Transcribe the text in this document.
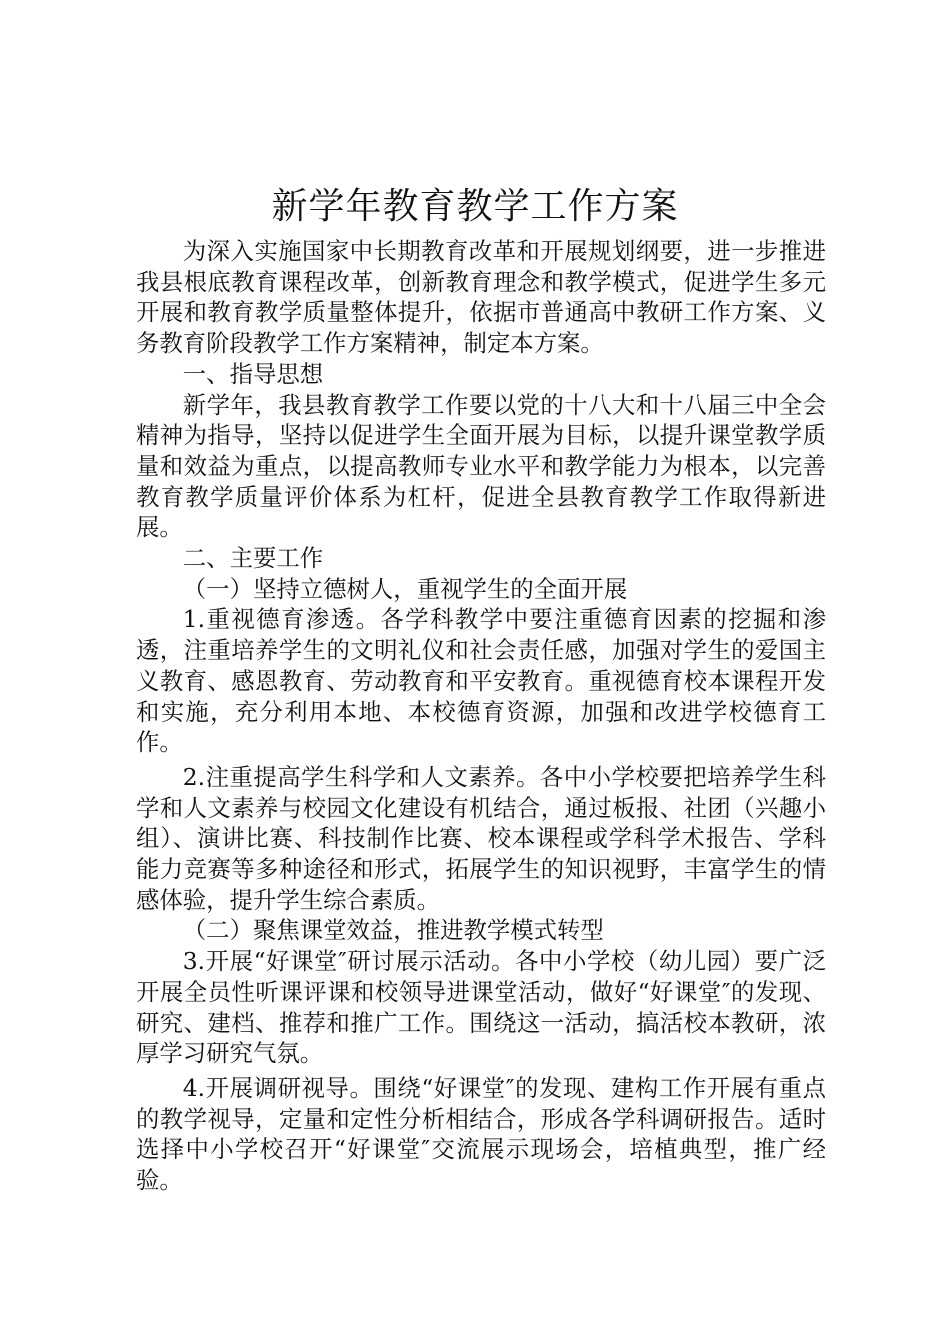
新学年教育教学工作方案

为深入实施国家中长期教育改革和开展规划纲要，进一步推进我县根底教育课程改革，创新教育理念和教学模式，促进学生多元开展和教育教学质量整体提升，依据市普通高中教研工作方案、义务教育阶段教学工作方案精神，制定本方案。

一、指导思想

新学年，我县教育教学工作要以党的十八大和十八届三中全会精神为指导，坚持以促进学生全面开展为目标，以提升课堂教学质量和效益为重点，以提高教师专业水平和教学能力为根本，以完善教育教学质量评价体系为杠杆，促进全县教育教学工作取得新进展。

二、主要工作

（一）坚持立德树人，重视学生的全面开展

1.重视德育渗透。各学科教学中要注重德育因素的挖掘和渗透，注重培养学生的文明礼仪和社会责任感，加强对学生的爱国主义教育、感恩教育、劳动教育和平安教育。重视德育校本课程开发和实施，充分利用本地、本校德育资源，加强和改进学校德育工作。

2.注重提高学生科学和人文素养。各中小学校要把培养学生科学和人文素养与校园文化建设有机结合，通过板报、社团（兴趣小组）、演讲比赛、科技制作比赛、校本课程或学科学术报告、学科能力竞赛等多种途径和形式，拓展学生的知识视野，丰富学生的情感体验，提升学生综合素质。

（二）聚焦课堂效益，推进教学模式转型

3.开展“好课堂″研讨展示活动。各中小学校（幼儿园）要广泛开展全员性听课评课和校领导进课堂活动，做好“好课堂″的发现、研究、建档、推荐和推广工作。围绕这一活动，搞活校本教研，浓厚学习研究气氛。

4.开展调研视导。围绕“好课堂″的发现、建构工作开展有重点的教学视导，定量和定性分析相结合，形成各学科调研报告。适时选择中小学校召开“好课堂″交流展示现场会，培植典型，推广经验。
